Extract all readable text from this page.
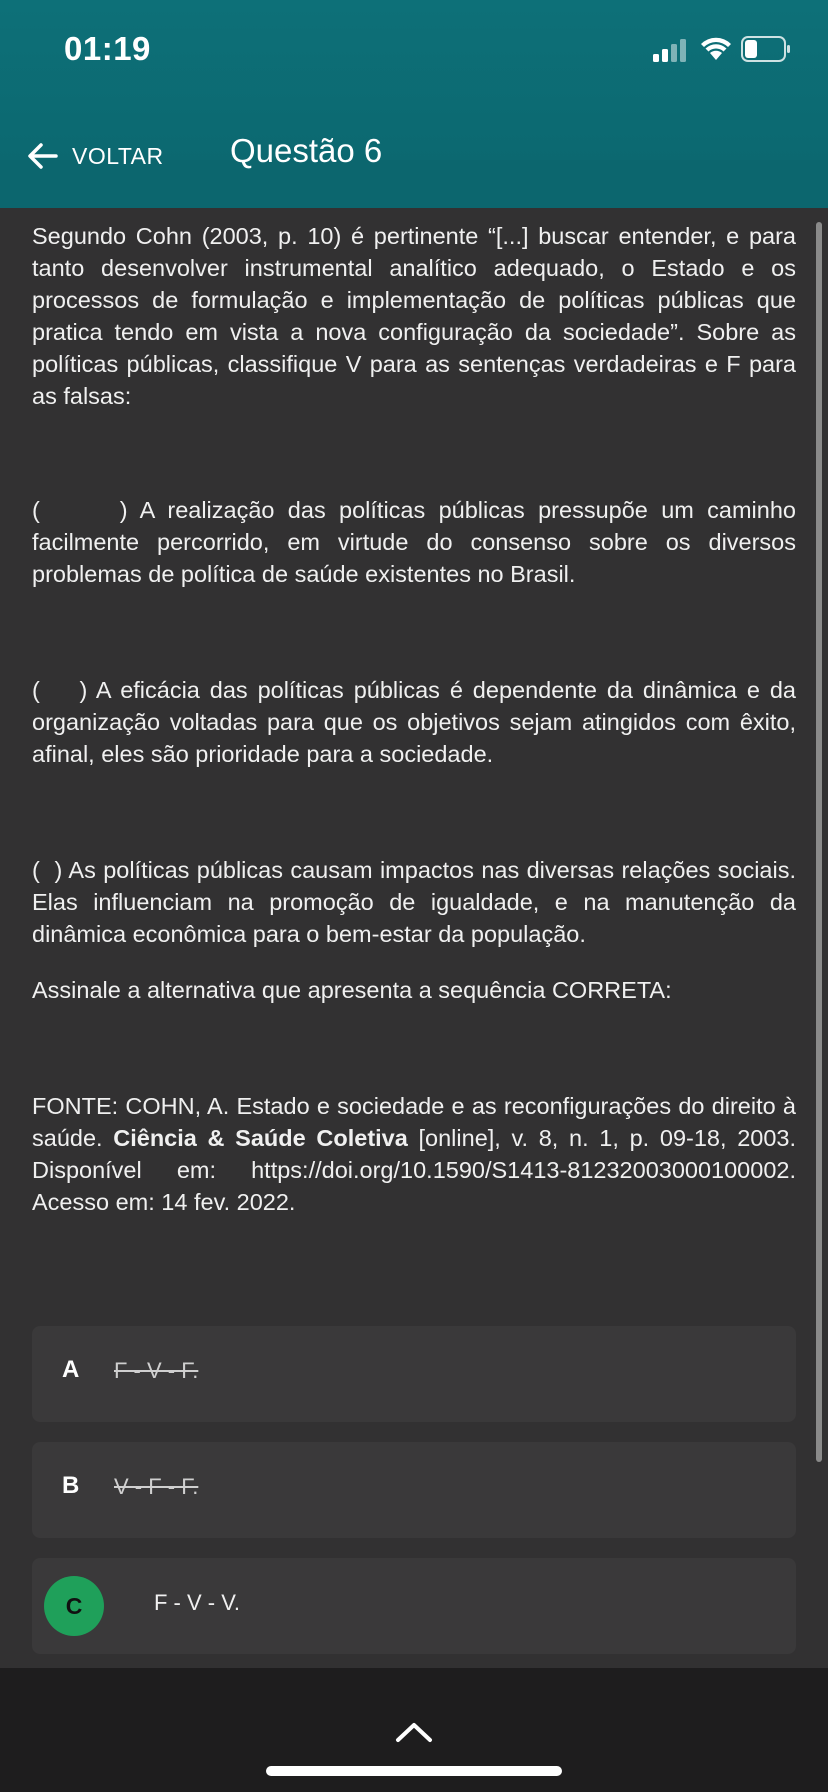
01:19
VOLTAR Questão 6

Segundo Cohn (2003, p. 10) é pertinente “[...] buscar entender, e para tanto desenvolver instrumental analítico adequado, o Estado e os processos de formulação e implementação de políticas públicas que pratica tendo em vista a nova configuração da sociedade”. Sobre as políticas públicas, classifique V para as sentenças verdadeiras e F para as falsas:

(      ) A realização das políticas públicas pressupõe um caminho facilmente percorrido, em virtude do consenso sobre os diversos problemas de política de saúde existentes no Brasil.

(    ) A eficácia das políticas públicas é dependente da dinâmica e da organização voltadas para que os objetivos sejam atingidos com êxito, afinal, eles são prioridade para a sociedade.

(  ) As políticas públicas causam impactos nas diversas relações sociais. Elas influenciam na promoção de igualdade, e na manutenção da dinâmica econômica para o bem-estar da população.

Assinale a alternativa que apresenta a sequência CORRETA:

FONTE: COHN, A. Estado e sociedade e as reconfigurações do direito à saúde. Ciência & Saúde Coletiva [online], v. 8, n. 1, p. 09-18, 2003. Disponível em: https://doi.org/10.1590/S1413-81232003000100002. Acesso em: 14 fev. 2022.

A F - V - F.
B V - F - F.
C	F - V - V.
